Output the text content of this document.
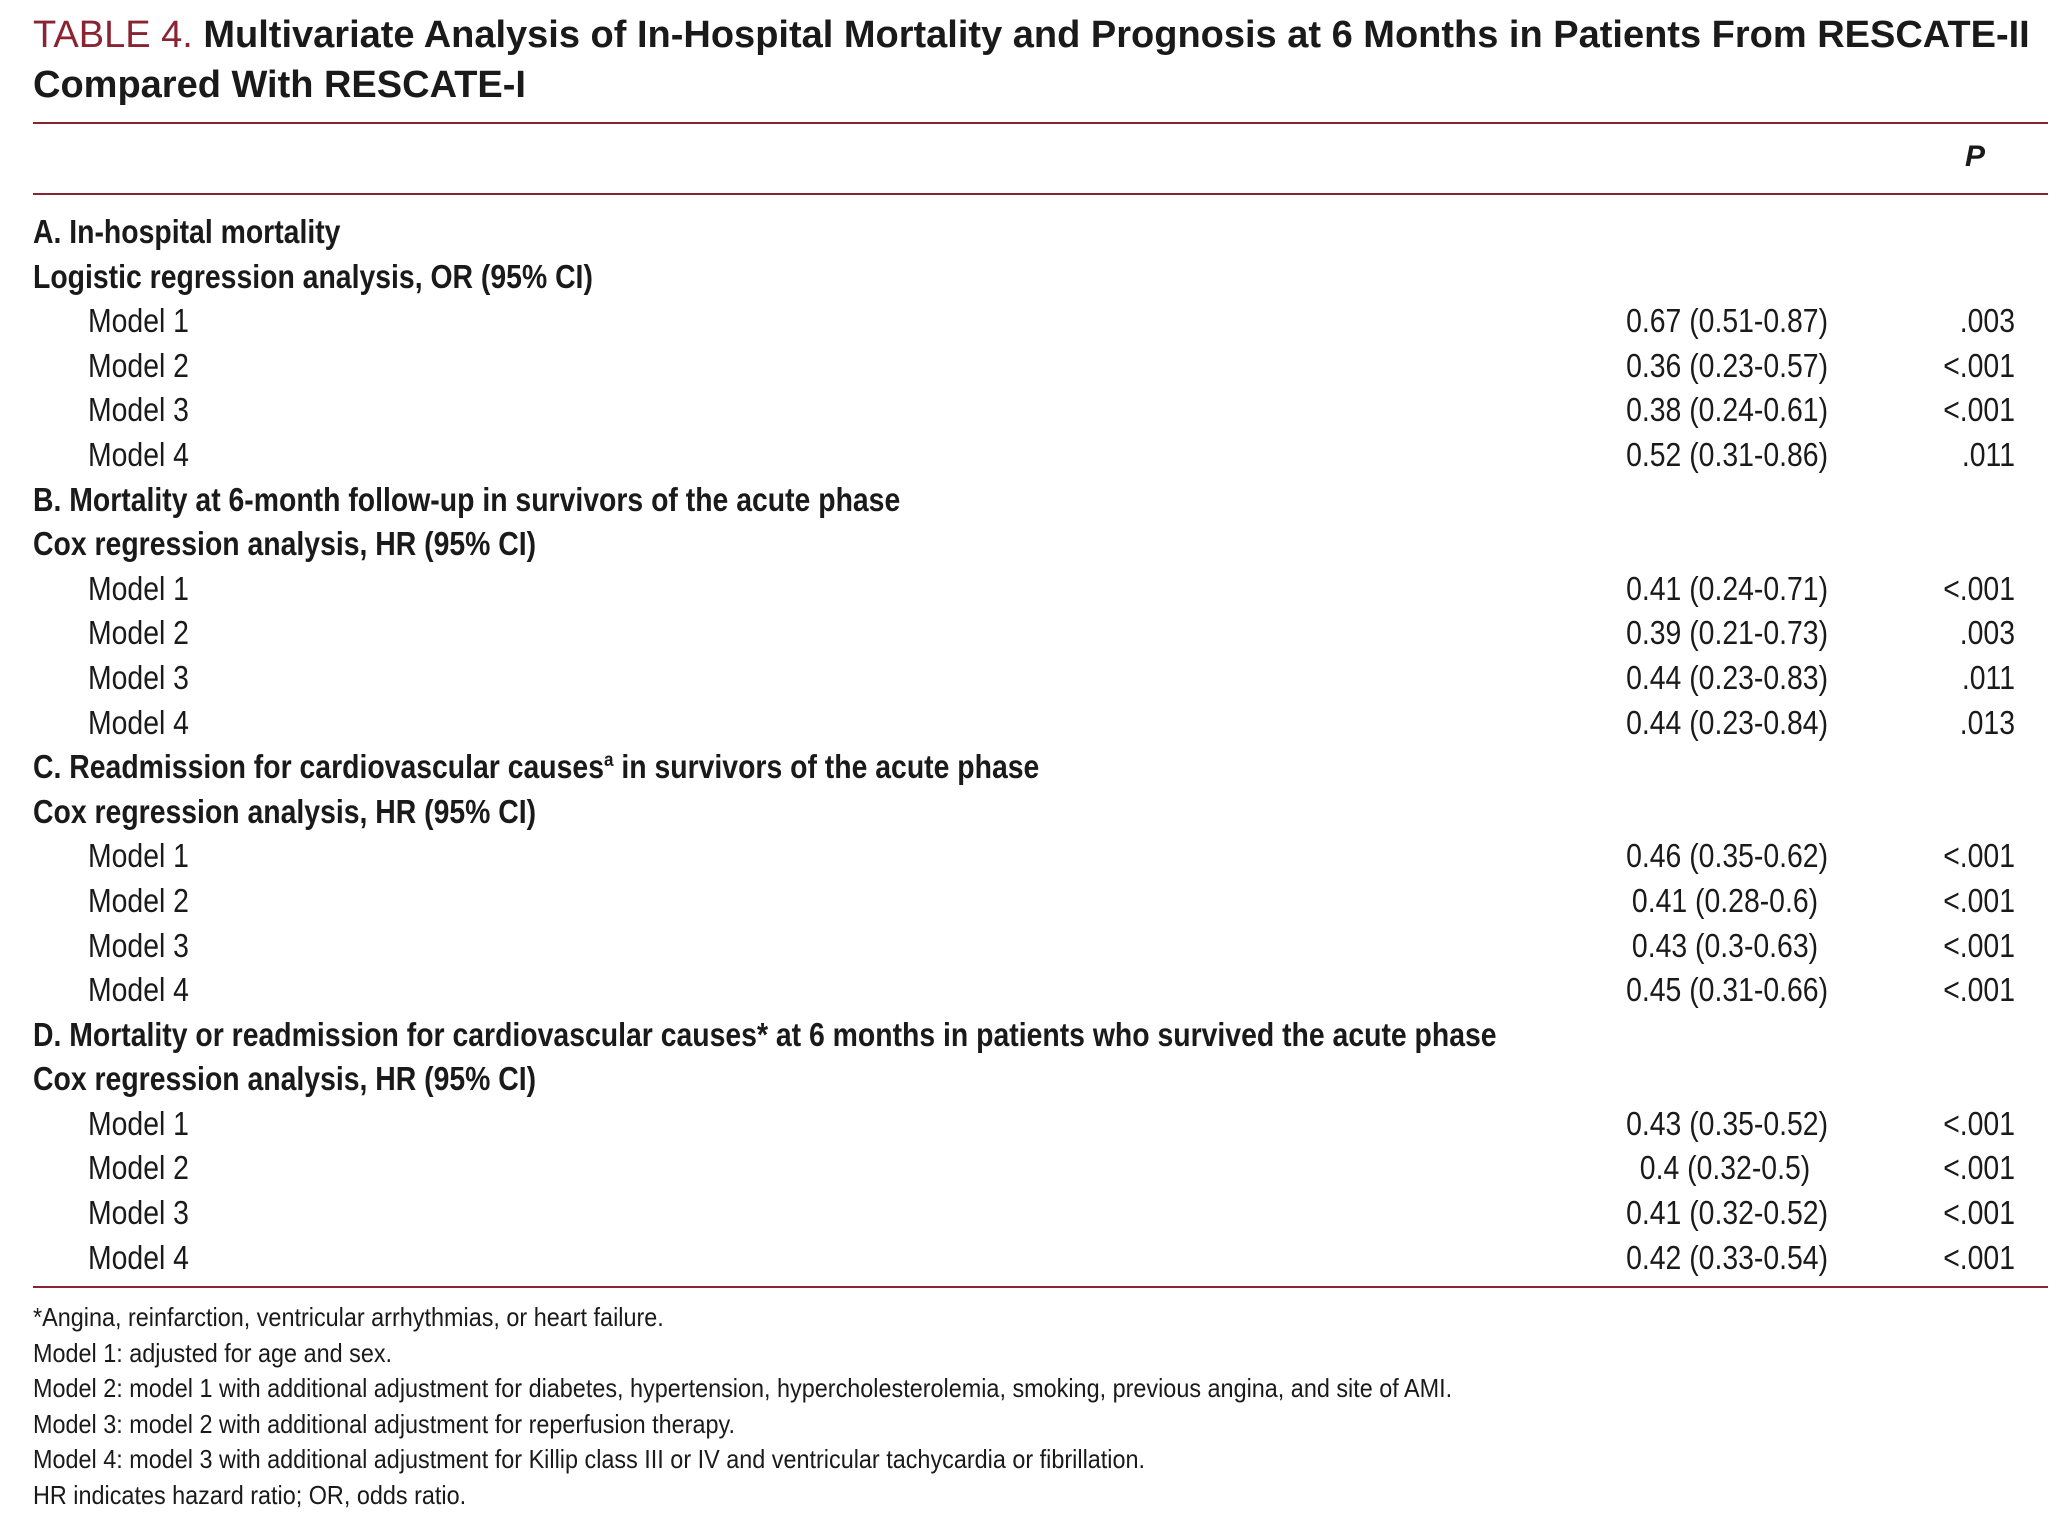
TABLE 4. Multivariate Analysis of In-Hospital Mortality and Prognosis at 6 Months in Patients From RESCATE-II Compared With RESCATE-I
P
A. In-hospital mortality
Logistic regression analysis, OR (95% CI)
Model 1	0.67 (0.51-0.87)	.003
Model 2	0.36 (0.23-0.57)	<.001
Model 3	0.38 (0.24-0.61)	<.001
Model 4	0.52 (0.31-0.86)	.011
B. Mortality at 6-month follow-up in survivors of the acute phase
Cox regression analysis, HR (95% CI)
Model 1	0.41 (0.24-0.71)	<.001
Model 2	0.39 (0.21-0.73)	.003
Model 3	0.44 (0.23-0.83)	.011
Model 4	0.44 (0.23-0.84)	.013
C. Readmission for cardiovascular causes$^a$ in survivors of the acute phase
Cox regression analysis, HR (95% CI)
Model 1	0.46 (0.35-0.62)	<.001
Model 2	0.41 (0.28-0.6)	<.001
Model 3	0.43 (0.3-0.63)	<.001
Model 4	0.45 (0.31-0.66)	<.001
D. Mortality or readmission for cardiovascular causes* at 6 months in patients who survived the acute phase
Cox regression analysis, HR (95% CI)
Model 1	0.43 (0.35-0.52)	<.001
Model 2	0.4 (0.32-0.5)	<.001
Model 3	0.41 (0.32-0.52)	<.001
Model 4	0.42 (0.33-0.54)	<.001
*Angina, reinfarction, ventricular arrhythmias, or heart failure.
Model 1: adjusted for age and sex.
Model 2: model 1 with additional adjustment for diabetes, hypertension, hypercholesterolemia, smoking, previous angina, and site of AMI.
Model 3: model 2 with additional adjustment for reperfusion therapy.
Model 4: model 3 with additional adjustment for Killip class III or IV and ventricular tachycardia or fibrillation.
HR indicates hazard ratio; OR, odds ratio.
